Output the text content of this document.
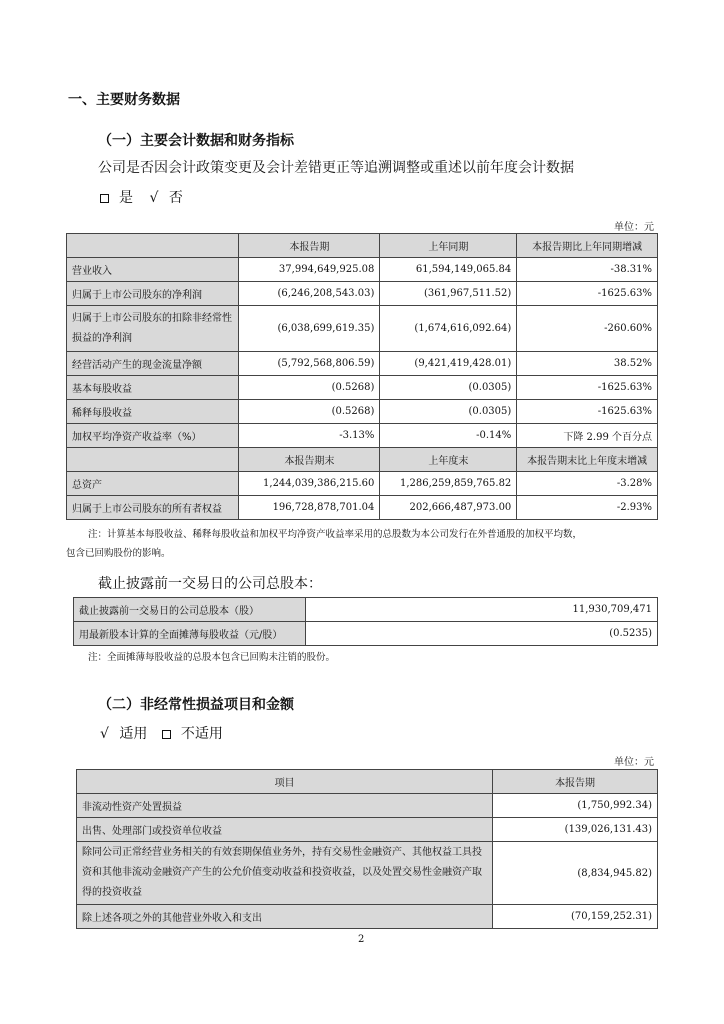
一、主要财务数据
（一）主要会计数据和财务指标
公司是否因会计政策变更及会计差错更正等追溯调整或重述以前年度会计数据
是 √ 否
单位：元
	本报告期	上年同期	本报告期比上年同期增减
营业收入	37,994,649,925.08	61,594,149,065.84	-38.31%
归属于上市公司股东的净利润	(6,246,208,543.03)	(361,967,511.52)	-1625.63%
归属于上市公司股东的扣除非经常性损益的净利润	(6,038,699,619.35)	(1,674,616,092.64)	-260.60%
经营活动产生的现金流量净额	(5,792,568,806.59)	(9,421,419,428.01)	38.52%
基本每股收益	(0.5268)	(0.0305)	-1625.63%
稀释每股收益	(0.5268)	(0.0305)	-1625.63%
加权平均净资产收益率（%）	-3.13%	-0.14%	下降 2.99 个百分点
	本报告期末	上年度末	本报告期末比上年度末增减
总资产	1,244,039,386,215.60	1,286,259,859,765.82	-3.28%
归属于上市公司股东的所有者权益	196,728,878,701.04	202,666,487,973.00	-2.93%
注：计算基本每股收益、稀释每股收益和加权平均净资产收益率采用的总股数为本公司发行在外普通股的加权平均数，
包含已回购股份的影响。
截止披露前一交易日的公司总股本：
截止披露前一交易日的公司总股本（股）	11,930,709,471
用最新股本计算的全面摊薄每股收益（元/股）	(0.5235)
注：全面摊薄每股收益的总股本包含已回购未注销的股份。
（二）非经常性损益项目和金额
√ 适用 不适用
单位：元
项目	本报告期
非流动性资产处置损益	(1,750,992.34)
出售、处理部门或投资单位收益	(139,026,131.43)
除同公司正常经营业务相关的有效套期保值业务外，持有交易性金融资产、其他权益工具投资和其他非流动金融资产产生的公允价值变动收益和投资收益，以及处置交易性金融资产取得的投资收益	(8,834,945.82)
除上述各项之外的其他营业外收入和支出	(70,159,252.31)
2
